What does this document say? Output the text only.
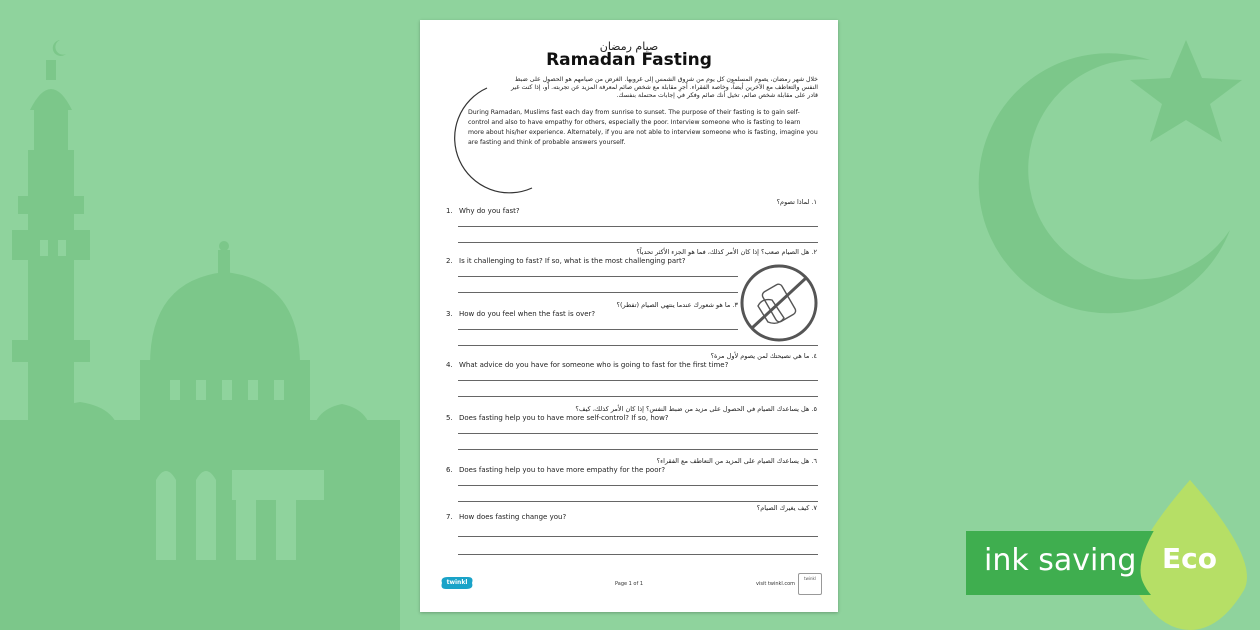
صيام رمضان
Ramadan Fasting
خلال شهر رمضان، يصوم المسلمون كل يوم من شروق الشمس إلى غروبها. الغرض من صيامهم هو الحصول على ضبط النفس والتعاطف مع الآخرين أيضاً، وخاصة الفقراء. أجرِ مقابلة مع شخص صائم لمعرفة المزيد عن تجربته. أو، إذا كنت غير قادر على مقابلة شخص صائم، تخيل أنك صائم وفكر في إجابات محتملة بنفسك.
During Ramadan, Muslims fast each day from sunrise to sunset. The purpose of their fasting is to gain self-control and also to have empathy for others, especially the poor. Interview someone who is fasting to learn more about his/her experience. Alternately, if you are not able to interview someone who is fasting, imagine you are fasting and think of probable answers yourself.
١. لماذا تصوم؟
1. Why do you fast?
٢. هل الصيام صعب؟ إذا كان الأمر كذلك، فما هو الجزء الأكثر تحدياً؟
2. Is it challenging to fast? If so, what is the most challenging part?
٣. ما هو شعورك عندما ينتهي الصيام (تفطر)؟
3. How do you feel when the fast is over?
٤. ما هي نصيحتك لمن يصوم لأول مرة؟
4. What advice do you have for someone who is going to fast for the first time?
٥. هل يساعدك الصيام في الحصول على مزيد من ضبط النفس؟ إذا كان الأمر كذلك، كيف؟
5. Does fasting help you to have more self-control? If so, how?
٦. هل يساعدك الصيام على المزيد من التعاطف مع الفقراء؟
6. Does fasting help you to have more empathy for the poor?
٧. كيف يغيرك الصيام؟
7. How does fasting change you?
twinkl	Page 1 of 1	visit twinkl.com
twinkl
ink saving Eco
